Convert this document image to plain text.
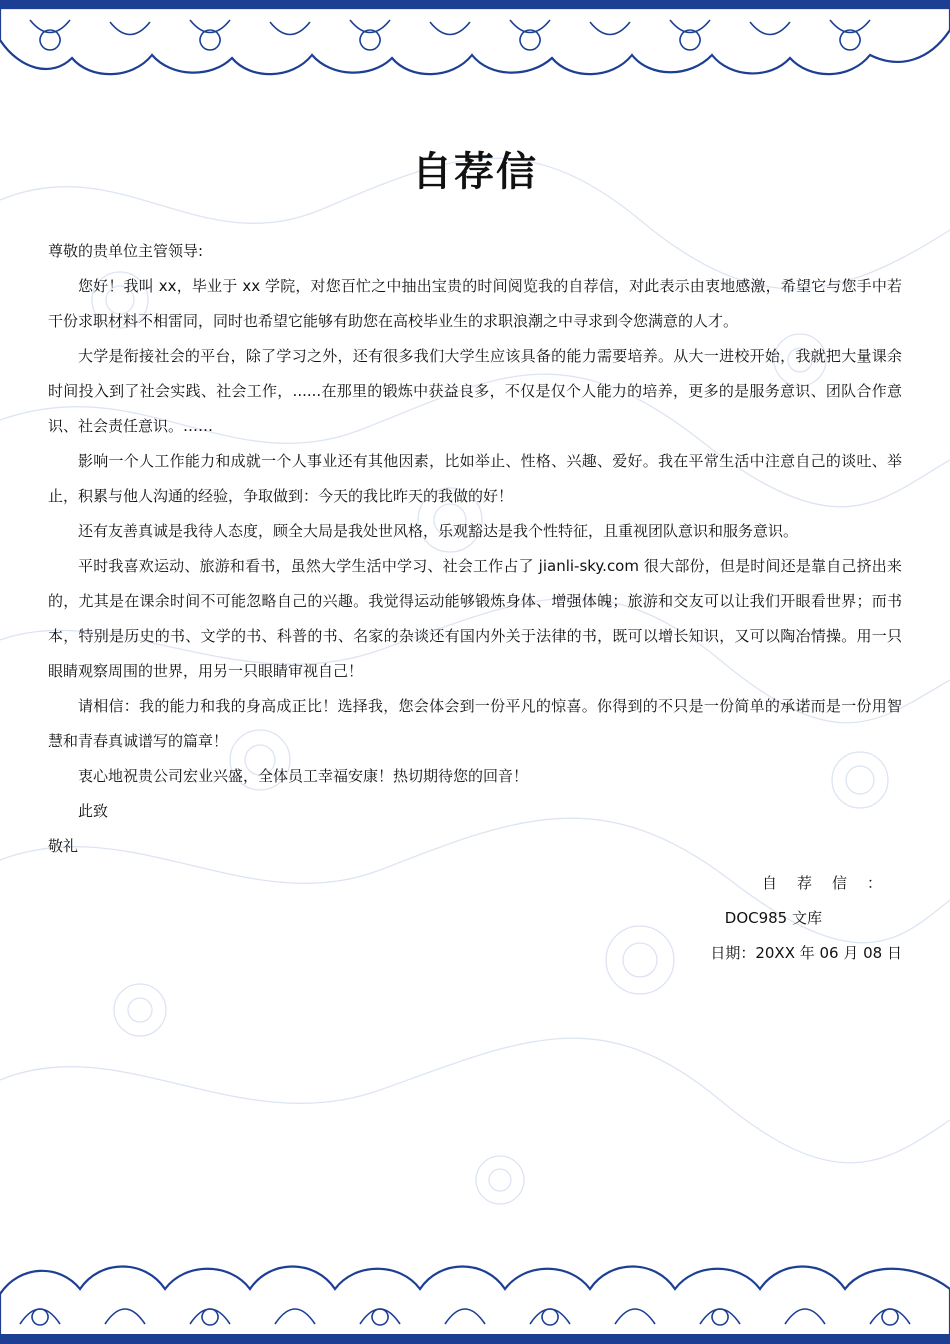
自荐信
尊敬的贵单位主管领导:

您好！我叫 xx，毕业于 xx 学院，对您百忙之中抽出宝贵的时间阅览我的自荐信，对此表示由衷地感激，希望它与您手中若干份求职材料不相雷同，同时也希望它能够有助您在高校毕业生的求职浪潮之中寻求到令您满意的人才。

大学是衔接社会的平台，除了学习之外，还有很多我们大学生应该具备的能力需要培养。从大一进校开始，我就把大量课余时间投入到了社会实践、社会工作，......在那里的锻炼中获益良多，不仅是仅个人能力的培养，更多的是服务意识、团队合作意识、社会责任意识。……

影响一个人工作能力和成就一个人事业还有其他因素，比如举止、性格、兴趣、爱好。我在平常生活中注意自己的谈吐、举止，积累与他人沟通的经验，争取做到：今天的我比昨天的我做的好！

还有友善真诚是我待人态度，顾全大局是我处世风格，乐观豁达是我个性特征，且重视团队意识和服务意识。

平时我喜欢运动、旅游和看书，虽然大学生活中学习、社会工作占了 jianli-sky.com 很大部份，但是时间还是靠自己挤出来的，尤其是在课余时间不可能忽略自己的兴趣。我觉得运动能够锻炼身体、增强体魄；旅游和交友可以让我们开眼看世界；而书本，特别是历史的书、文学的书、科普的书、名家的杂谈还有国内外关于法律的书，既可以增长知识，又可以陶冶情操。用一只眼睛观察周围的世界，用另一只眼睛审视自己！

请相信：我的能力和我的身高成正比！选择我，您会体会到一份平凡的惊喜。你得到的不只是一份简单的承诺而是一份用智慧和青春真诚谱写的篇章！

衷心地祝贵公司宏业兴盛，全体员工幸福安康！热切期待您的回音！

此致

敬礼

自荐信：
DOC985 文库
日期：20XX 年 06 月 08 日
